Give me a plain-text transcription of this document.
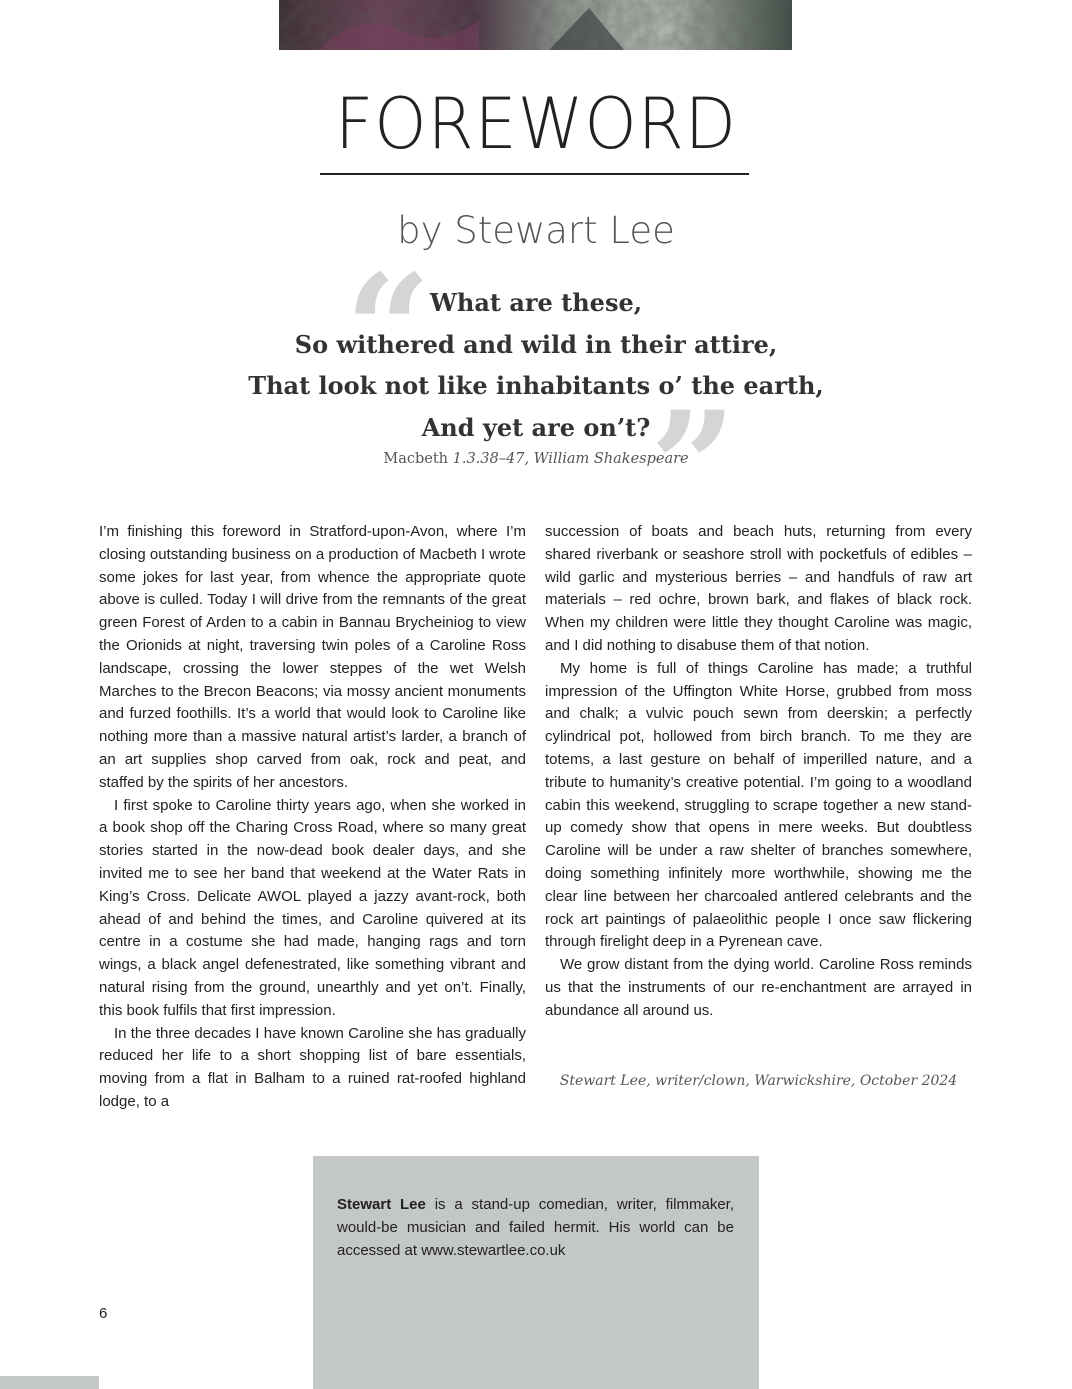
FOREWORD
by Stewart Lee
“
”
What are these,
So withered and wild in their attire,
That look not like inhabitants o’ the earth,
And yet are on’t?
Macbeth 1.3.38–47, William Shakespeare

I’m finishing this foreword in Stratford-upon-Avon, where I’m closing outstanding business on a production of Macbeth I wrote some jokes for last year, from whence the appropriate quote above is culled. Today I will drive from the remnants of the great green Forest of Arden to a cabin in Bannau Brycheiniog to view the Orionids at night, traversing twin poles of a Caroline Ross landscape, crossing the lower steppes of the wet Welsh Marches to the Brecon Beacons; via mossy ancient monuments and furzed foothills. It’s a world that would look to Caroline like nothing more than a massive natural artist’s larder, a branch of an art supplies shop carved from oak, rock and peat, and staffed by the spirits of her ancestors.

I first spoke to Caroline thirty years ago, when she worked in a book shop off the Charing Cross Road, where so many great stories started in the now-dead book dealer days, and she invited me to see her band that weekend at the Water Rats in King’s Cross. Delicate AWOL played a jazzy avant-rock, both ahead of and behind the times, and Caroline quivered at its centre in a costume she had made, hanging rags and torn wings, a black angel defenestrated, like something vibrant and natural rising from the ground, unearthly and yet on’t. Finally, this book fulfils that first impression.

In the three decades I have known Caroline she has gradually reduced her life to a short shopping list of bare essentials, moving from a flat in Balham to a ruined rat-roofed highland lodge, to a

succession of boats and beach huts, returning from every shared riverbank or seashore stroll with pocketfuls of edibles – wild garlic and mysterious berries – and handfuls of raw art materials – red ochre, brown bark, and flakes of black rock. When my children were little they thought Caroline was magic, and I did nothing to disabuse them of that notion.

My home is full of things Caroline has made; a truthful impression of the Uffington White Horse, grubbed from moss and chalk; a vulvic pouch sewn from deerskin; a perfectly cylindrical pot, hollowed from birch branch. To me they are totems, a last gesture on behalf of imperilled nature, and a tribute to humanity’s creative potential. I’m going to a woodland cabin this weekend, struggling to scrape together a new stand-up comedy show that opens in mere weeks. But doubtless Caroline will be under a raw shelter of branches somewhere, doing something infinitely more worthwhile, showing me the clear line between her charcoaled antlered celebrants and the rock art paintings of palaeolithic people I once saw flickering through firelight deep in a Pyrenean cave.

We grow distant from the dying world. Caroline Ross reminds us that the instruments of our re-enchantment are arrayed in abundance all around us.

Stewart Lee, writer/clown, Warwickshire, October 2024
Stewart Lee is a stand-up comedian, writer, filmmaker, would-be musician and failed hermit. His world can be accessed at www.stewartlee.co.uk
6
